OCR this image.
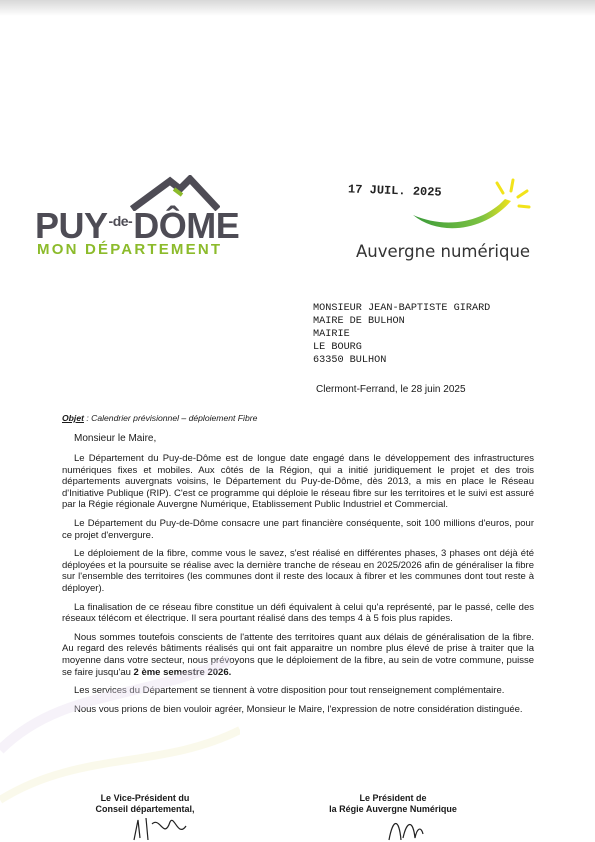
PUY-de-DÔME
MON DÉPARTEMENT
17 JUIL. 2025
Auvergne numérique
MONSIEUR JEAN-BAPTISTE GIRARD
MAIRE DE BULHON
MAIRIE
LE BOURG
63350 BULHON
Clermont-Ferrand, le 28 juin 2025
Objet : Calendrier prévisionnel – déploiement Fibre
Monsieur le Maire,

Le Département du Puy-de-Dôme est de longue date engagé dans le développement des infrastructures numériques fixes et mobiles. Aux côtés de la Région, qui a initié juridiquement le projet et des trois départements auvergnats voisins, le Département du Puy-de-Dôme, dès 2013, a mis en place le Réseau d'Initiative Publique (RIP). C'est ce programme qui déploie le réseau fibre sur les territoires et le suivi est assuré par la Régie régionale Auvergne Numérique, Etablissement Public Industriel et Commercial.

Le Département du Puy-de-Dôme consacre une part financière conséquente, soit 100 millions d'euros, pour ce projet d'envergure.

Le déploiement de la fibre, comme vous le savez, s'est réalisé en différentes phases, 3 phases ont déjà été déployées et la poursuite se réalise avec la dernière tranche de réseau en 2025/2026 afin de généraliser la fibre sur l'ensemble des territoires (les communes dont il reste des locaux à fibrer et les communes dont tout reste à déployer).

La finalisation de ce réseau fibre constitue un défi équivalent à celui qu'a représenté, par le passé, celle des réseaux télécom et électrique. Il sera pourtant réalisé dans des temps 4 à 5 fois plus rapides.

Nous sommes toutefois conscients de l'attente des territoires quant aux délais de généralisation de la fibre. Au regard des relevés bâtiments réalisés qui ont fait apparaitre un nombre plus élevé de prise à traiter que la moyenne dans votre secteur, nous prévoyons que le déploiement de la fibre, au sein de votre commune, puisse se faire jusqu'au 2 ème semestre 2026.

Les services du Département se tiennent à votre disposition pour tout renseignement complémentaire.

Nous vous prions de bien vouloir agréer, Monsieur le Maire, l'expression de notre considération distinguée.

Le Vice-Président du
Conseil départemental,
Le Président de
la Régie Auvergne Numérique
